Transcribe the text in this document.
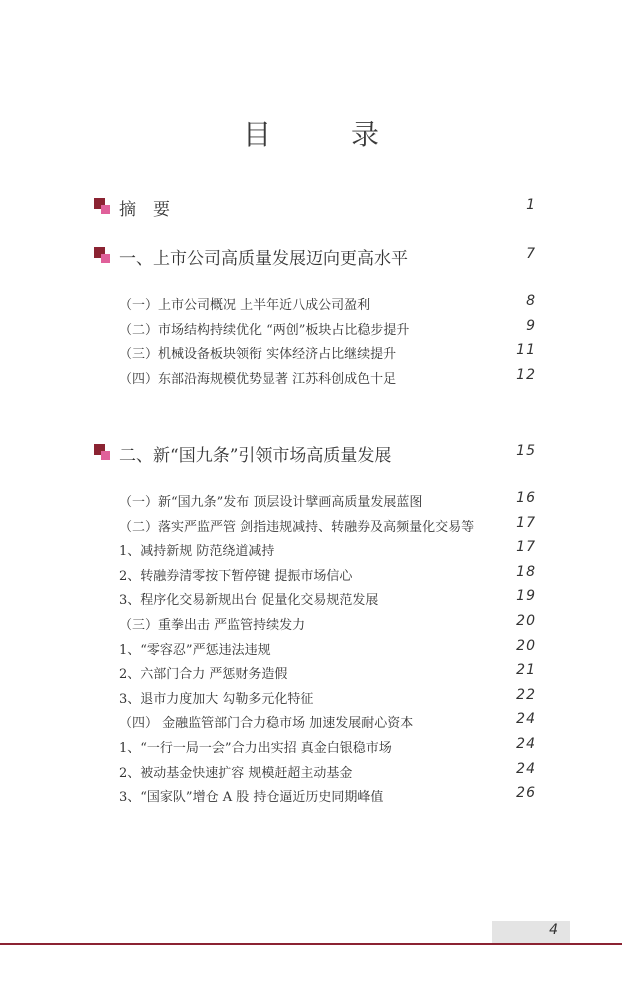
目　录
摘　要	1
一、上市公司高质量发展迈向更高水平	7
（一）上市公司概况 上半年近八成公司盈利	8
（二）市场结构持续优化 “两创”板块占比稳步提升	9
（三）机械设备板块领衔 实体经济占比继续提升	11
（四）东部沿海规模优势显著 江苏科创成色十足	12
二、新“国九条”引领市场高质量发展	15
（一）新“国九条”发布 顶层设计擘画高质量发展蓝图	16
（二）落实严监严管 剑指违规减持、转融券及高频量化交易等	17
1、减持新规 防范绕道减持	17
2、转融券清零按下暂停键 提振市场信心	18
3、程序化交易新规出台 促量化交易规范发展	19
（三）重拳出击 严监管持续发力	20
1、“零容忍”严惩违法违规	20
2、六部门合力 严惩财务造假	21
3、退市力度加大 勾勒多元化特征	22
（四） 金融监管部门合力稳市场 加速发展耐心资本	24
1、“一行一局一会”合力出实招 真金白银稳市场	24
2、被动基金快速扩容 规模赶超主动基金	24
3、“国家队”增仓 A 股 持仓逼近历史同期峰值	26
4
